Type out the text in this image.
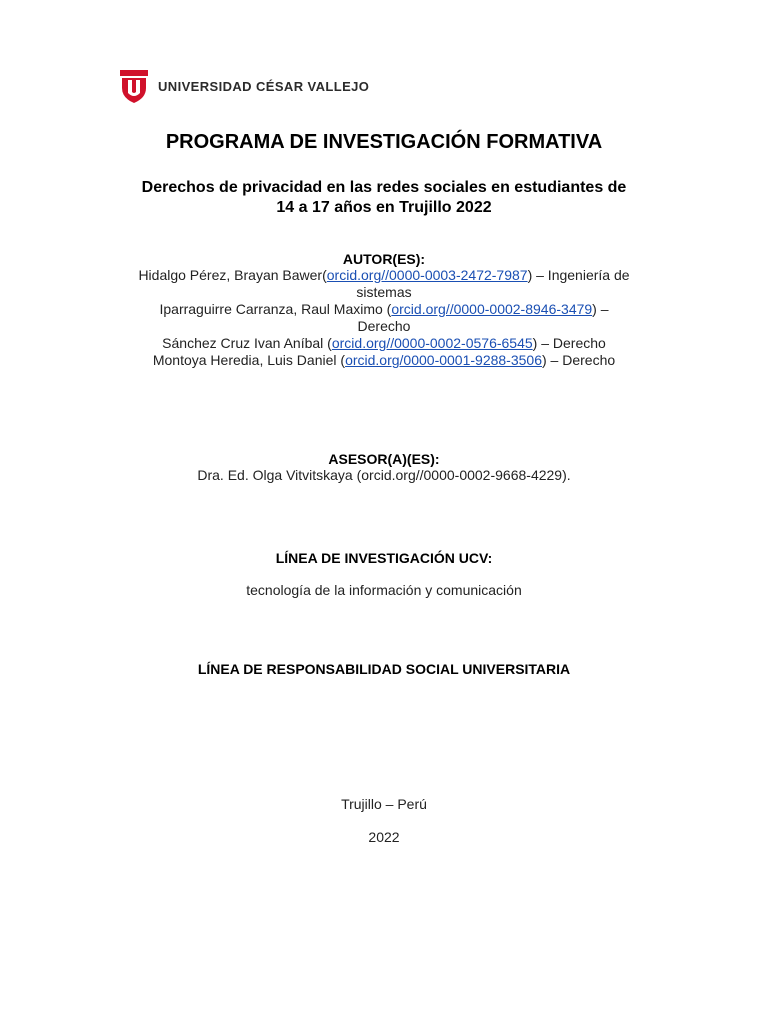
UNIVERSIDAD CÉSAR VALLEJO
PROGRAMA DE INVESTIGACIÓN FORMATIVA
Derechos de privacidad en las redes sociales en estudiantes de
14 a 17 años en Trujillo 2022
AUTOR(ES):
Hidalgo Pérez, Brayan Bawer(orcid.org//0000-0003-2472-7987) – Ingeniería de
sistemas
Iparraguirre Carranza, Raul Maximo (orcid.org//0000-0002-8946-3479) –
Derecho
Sánchez Cruz Ivan Aníbal (orcid.org//0000-0002-0576-6545) – Derecho
Montoya Heredia, Luis Daniel (orcid.org/0000-0001-9288-3506) – Derecho
ASESOR(A)(ES):
Dra. Ed. Olga Vitvitskaya (orcid.org//0000-0002-9668-4229).
LÍNEA DE INVESTIGACIÓN UCV:
tecnología de la información y comunicación
LÍNEA DE RESPONSABILIDAD SOCIAL UNIVERSITARIA
Trujillo – Perú
2022
